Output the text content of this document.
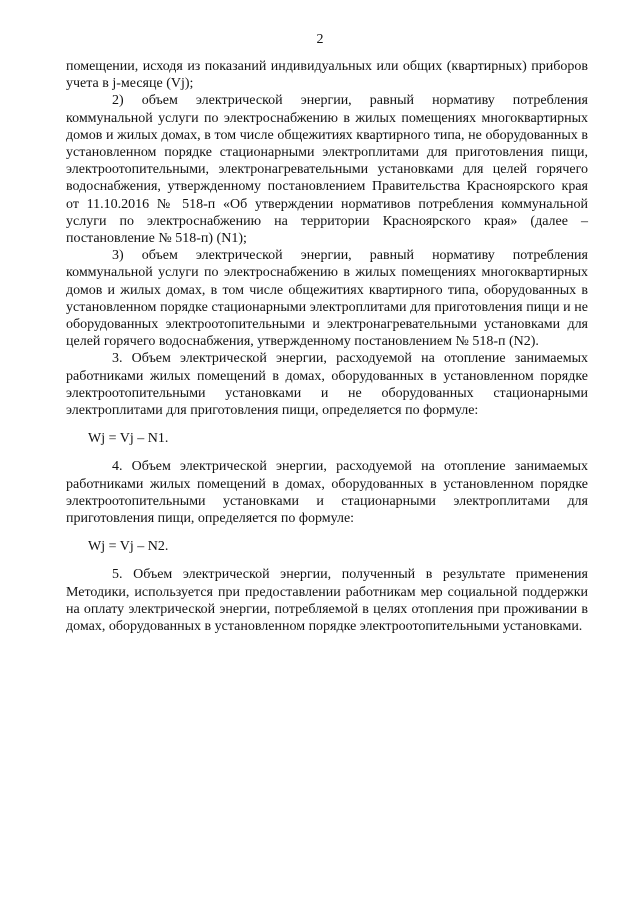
2

помещении, исходя из показаний индивидуальных или общих (квартирных) приборов учета в j-месяце (Vj);

2) объем электрической энергии, равный нормативу потребления коммунальной услуги по электроснабжению в жилых помещениях многоквартирных домов и жилых домах, в том числе общежитиях квартирного типа, не оборудованных в установленном порядке стационарными электроплитами для приготовления пищи, электроотопительными, электронагревательными установками для целей горячего водоснабжения, утвержденному постановлением Правительства Красноярского края от 11.10.2016 № 518-п «Об утверждении нормативов потребления коммунальной услуги по электроснабжению на территории Красноярского края» (далее – постановление № 518-п) (N1);

3) объем электрической энергии, равный нормативу потребления коммунальной услуги по электроснабжению в жилых помещениях многоквартирных домов и жилых домах, в том числе общежитиях квартирного типа, оборудованных в установленном порядке стационарными электроплитами для приготовления пищи и не оборудованных электроотопительными и электронагревательными установками для целей горячего водоснабжения, утвержденному постановлением № 518-п (N2).

3. Объем электрической энергии, расходуемой на отопление занимаемых работниками жилых помещений в домах, оборудованных в установленном порядке электроотопительными установками и не оборудованных стационарными электроплитами для приготовления пищи, определяется по формуле:

Wj = Vj – N1.

4. Объем электрической энергии, расходуемой на отопление занимаемых работниками жилых помещений в домах, оборудованных в установленном порядке электроотопительными установками и стационарными электроплитами для приготовления пищи, определяется по формуле:

Wj = Vj – N2.

5. Объем электрической энергии, полученный в результате применения Методики, используется при предоставлении работникам мер социальной поддержки на оплату электрической энергии, потребляемой в целях отопления при проживании в домах, оборудованных в установленном порядке электроотопительными установками.
